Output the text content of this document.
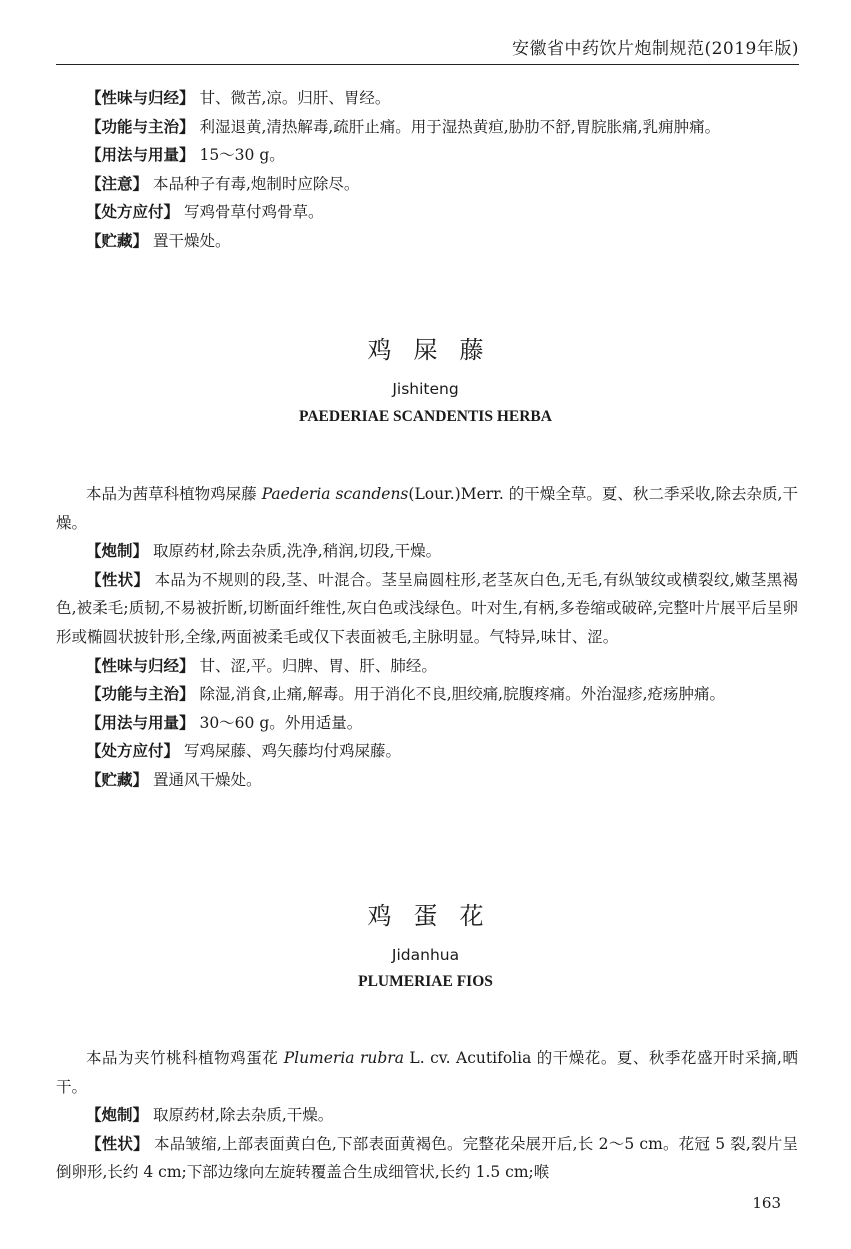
安徽省中药饮片炮制规范(2019年版)

【性味与归经】 甘、微苦,凉。归肝、胃经。

【功能与主治】 利湿退黄,清热解毒,疏肝止痛。用于湿热黄疸,胁肋不舒,胃脘胀痛,乳痈肿痛。

【用法与用量】 15～30 g。

【注意】 本品种子有毒,炮制时应除尽。

【处方应付】 写鸡骨草付鸡骨草。

【贮藏】 置干燥处。

鸡屎藤
Jishiteng
PAEDERIAE SCANDENTIS HERBA

本品为茜草科植物鸡屎藤 Paederia scandens(Lour.)Merr. 的干燥全草。夏、秋二季采收,除去杂质,干燥。

【炮制】 取原药材,除去杂质,洗净,稍润,切段,干燥。

【性状】 本品为不规则的段,茎、叶混合。茎呈扁圆柱形,老茎灰白色,无毛,有纵皱纹或横裂纹,嫩茎黑褐色,被柔毛;质韧,不易被折断,切断面纤维性,灰白色或浅绿色。叶对生,有柄,多卷缩或破碎,完整叶片展平后呈卵形或椭圆状披针形,全缘,两面被柔毛或仅下表面被毛,主脉明显。气特异,味甘、涩。

【性味与归经】 甘、涩,平。归脾、胃、肝、肺经。

【功能与主治】 除湿,消食,止痛,解毒。用于消化不良,胆绞痛,脘腹疼痛。外治湿疹,疮疡肿痛。

【用法与用量】 30～60 g。外用适量。

【处方应付】 写鸡屎藤、鸡矢藤均付鸡屎藤。

【贮藏】 置通风干燥处。

鸡蛋花
Jidanhua
PLUMERIAE FIOS

本品为夹竹桃科植物鸡蛋花 Plumeria rubra L. cv. Acutifolia 的干燥花。夏、秋季花盛开时采摘,晒干。

【炮制】 取原药材,除去杂质,干燥。

【性状】 本品皱缩,上部表面黄白色,下部表面黄褐色。完整花朵展开后,长 2～5 cm。花冠 5 裂,裂片呈倒卵形,长约 4 cm;下部边缘向左旋转覆盖合生成细管状,长约 1.5 cm;喉

163
